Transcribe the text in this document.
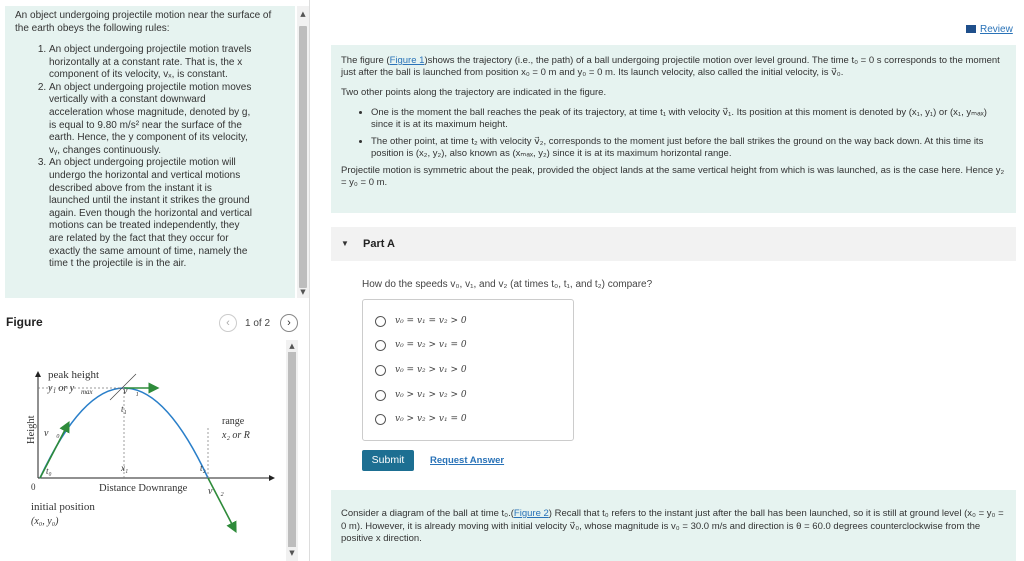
An object undergoing projectile motion near the surface of the earth obeys the following rules:
1. An object undergoing projectile motion travels horizontally at a constant rate. That is, the x component of its velocity, vₓ, is constant.
2. An object undergoing projectile motion moves vertically with a constant downward acceleration whose magnitude, denoted by g, is equal to 9.80 m/s² near the surface of the earth. Hence, the y component of its velocity, vᵧ, changes continuously.
3. An object undergoing projectile motion will undergo the horizontal and vertical motions described above from the instant it is launched until the instant it strikes the ground again. Even though the horizontal and vertical motions can be treated independently, they are related by the fact that they occur for exactly the same amount of time, namely the time t the projectile is in the air.
▲
▼
Figure	‹	1 of 2	›
peak height
y₁ or y max	v⃗₁
t₁
range
x₂ or R
v⃗₀
t₀	x₁	t₂
v⃗₂
0	Distance Downrange
initial position
(x₀, y₀)
Height
▲
▼
Review

The figure (Figure 1)shows the trajectory (i.e., the path) of a ball undergoing projectile motion over level ground. The time t₀ = 0 s corresponds to the moment just after the ball is launched from position x₀ = 0 m and y₀ = 0 m. Its launch velocity, also called the initial velocity, is v⃗₀.

Two other points along the trajectory are indicated in the figure.

• One is the moment the ball reaches the peak of its trajectory, at time t₁ with velocity v⃗₁. Its position at this moment is denoted by (x₁, y₁) or (x₁, yₘₐₓ) since it is at its maximum height.
• The other point, at time t₂ with velocity v⃗₂, corresponds to the moment just before the ball strikes the ground on the way back down. At this time its position is (x₂, y₂), also known as (xₘₐₓ, y₂) since it is at its maximum horizontal range.

Projectile motion is symmetric about the peak, provided the object lands at the same vertical height from which is was launched, as is the case here. Hence y₂ = y₀ = 0 m.

▼ Part A
How do the speeds v₀, v₁, and v₂ (at times t₀, t₁, and t₂) compare?
v₀ = v₁ = v₂ > 0
v₀ = v₂ > v₁ = 0
v₀ = v₂ > v₁ > 0
v₀ > v₁ > v₂ > 0
v₀ > v₂ > v₁ = 0
Submit	Request Answer
Consider a diagram of the ball at time t₀.(Figure 2) Recall that t₀ refers to the instant just after the ball has been launched, so it is still at ground level (x₀ = y₀ = 0 m). However, it is already moving with initial velocity v⃗₀, whose magnitude is v₀ = 30.0 m/s and direction is θ = 60.0 degrees counterclockwise from the positive x direction.
